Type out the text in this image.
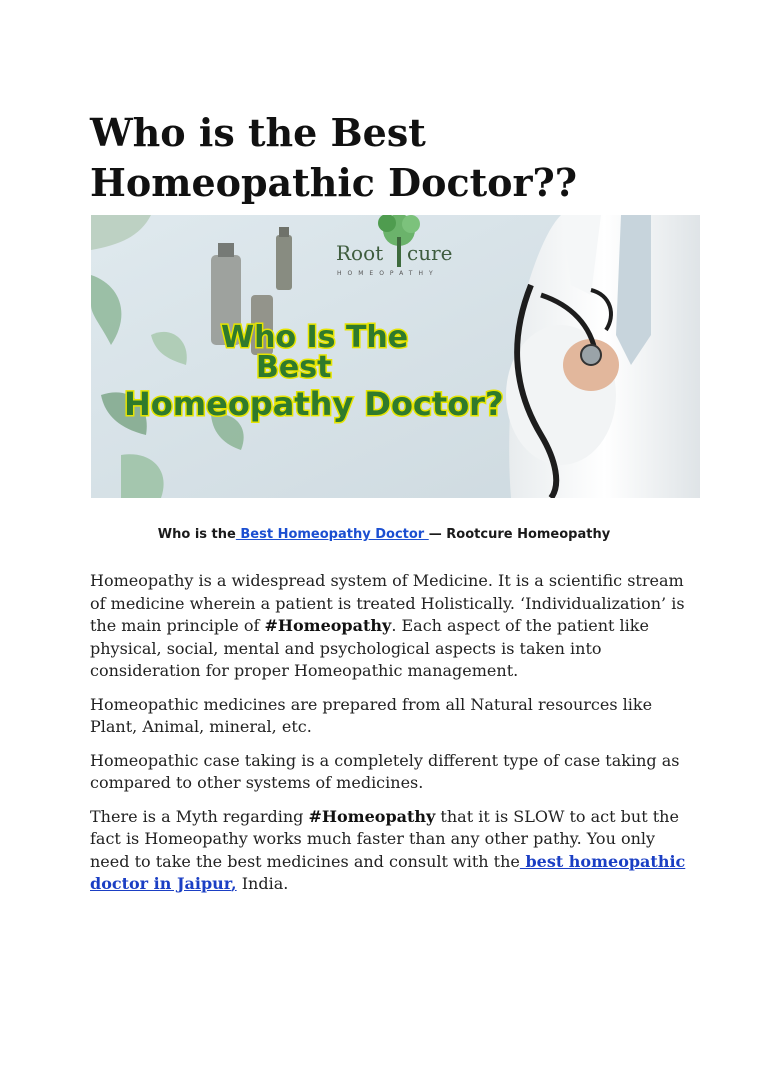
Who is the Best Homeopathic Doctor??
Root cure
HOMEOPATHY
Who Is The
Best
Homeopathy Doctor?

Who is the Best Homeopathy Doctor — Rootcure Homeopathy

Homeopathy is a widespread system of Medicine. It is a scientific stream of medicine wherein a patient is treated Holistically. ‘Individualization’ is the main principle of #Homeopathy. Each aspect of the patient like physical, social, mental and psychological aspects is taken into consideration for proper Homeopathic management.

Homeopathic medicines are prepared from all Natural resources like Plant, Animal, mineral, etc.

Homeopathic case taking is a completely different type of case taking as compared to other systems of medicines.

There is a Myth regarding #Homeopathy that it is SLOW to act but the fact is Homeopathy works much faster than any other pathy. You only need to take the best medicines and consult with the best homeopathic doctor in Jaipur, India.
